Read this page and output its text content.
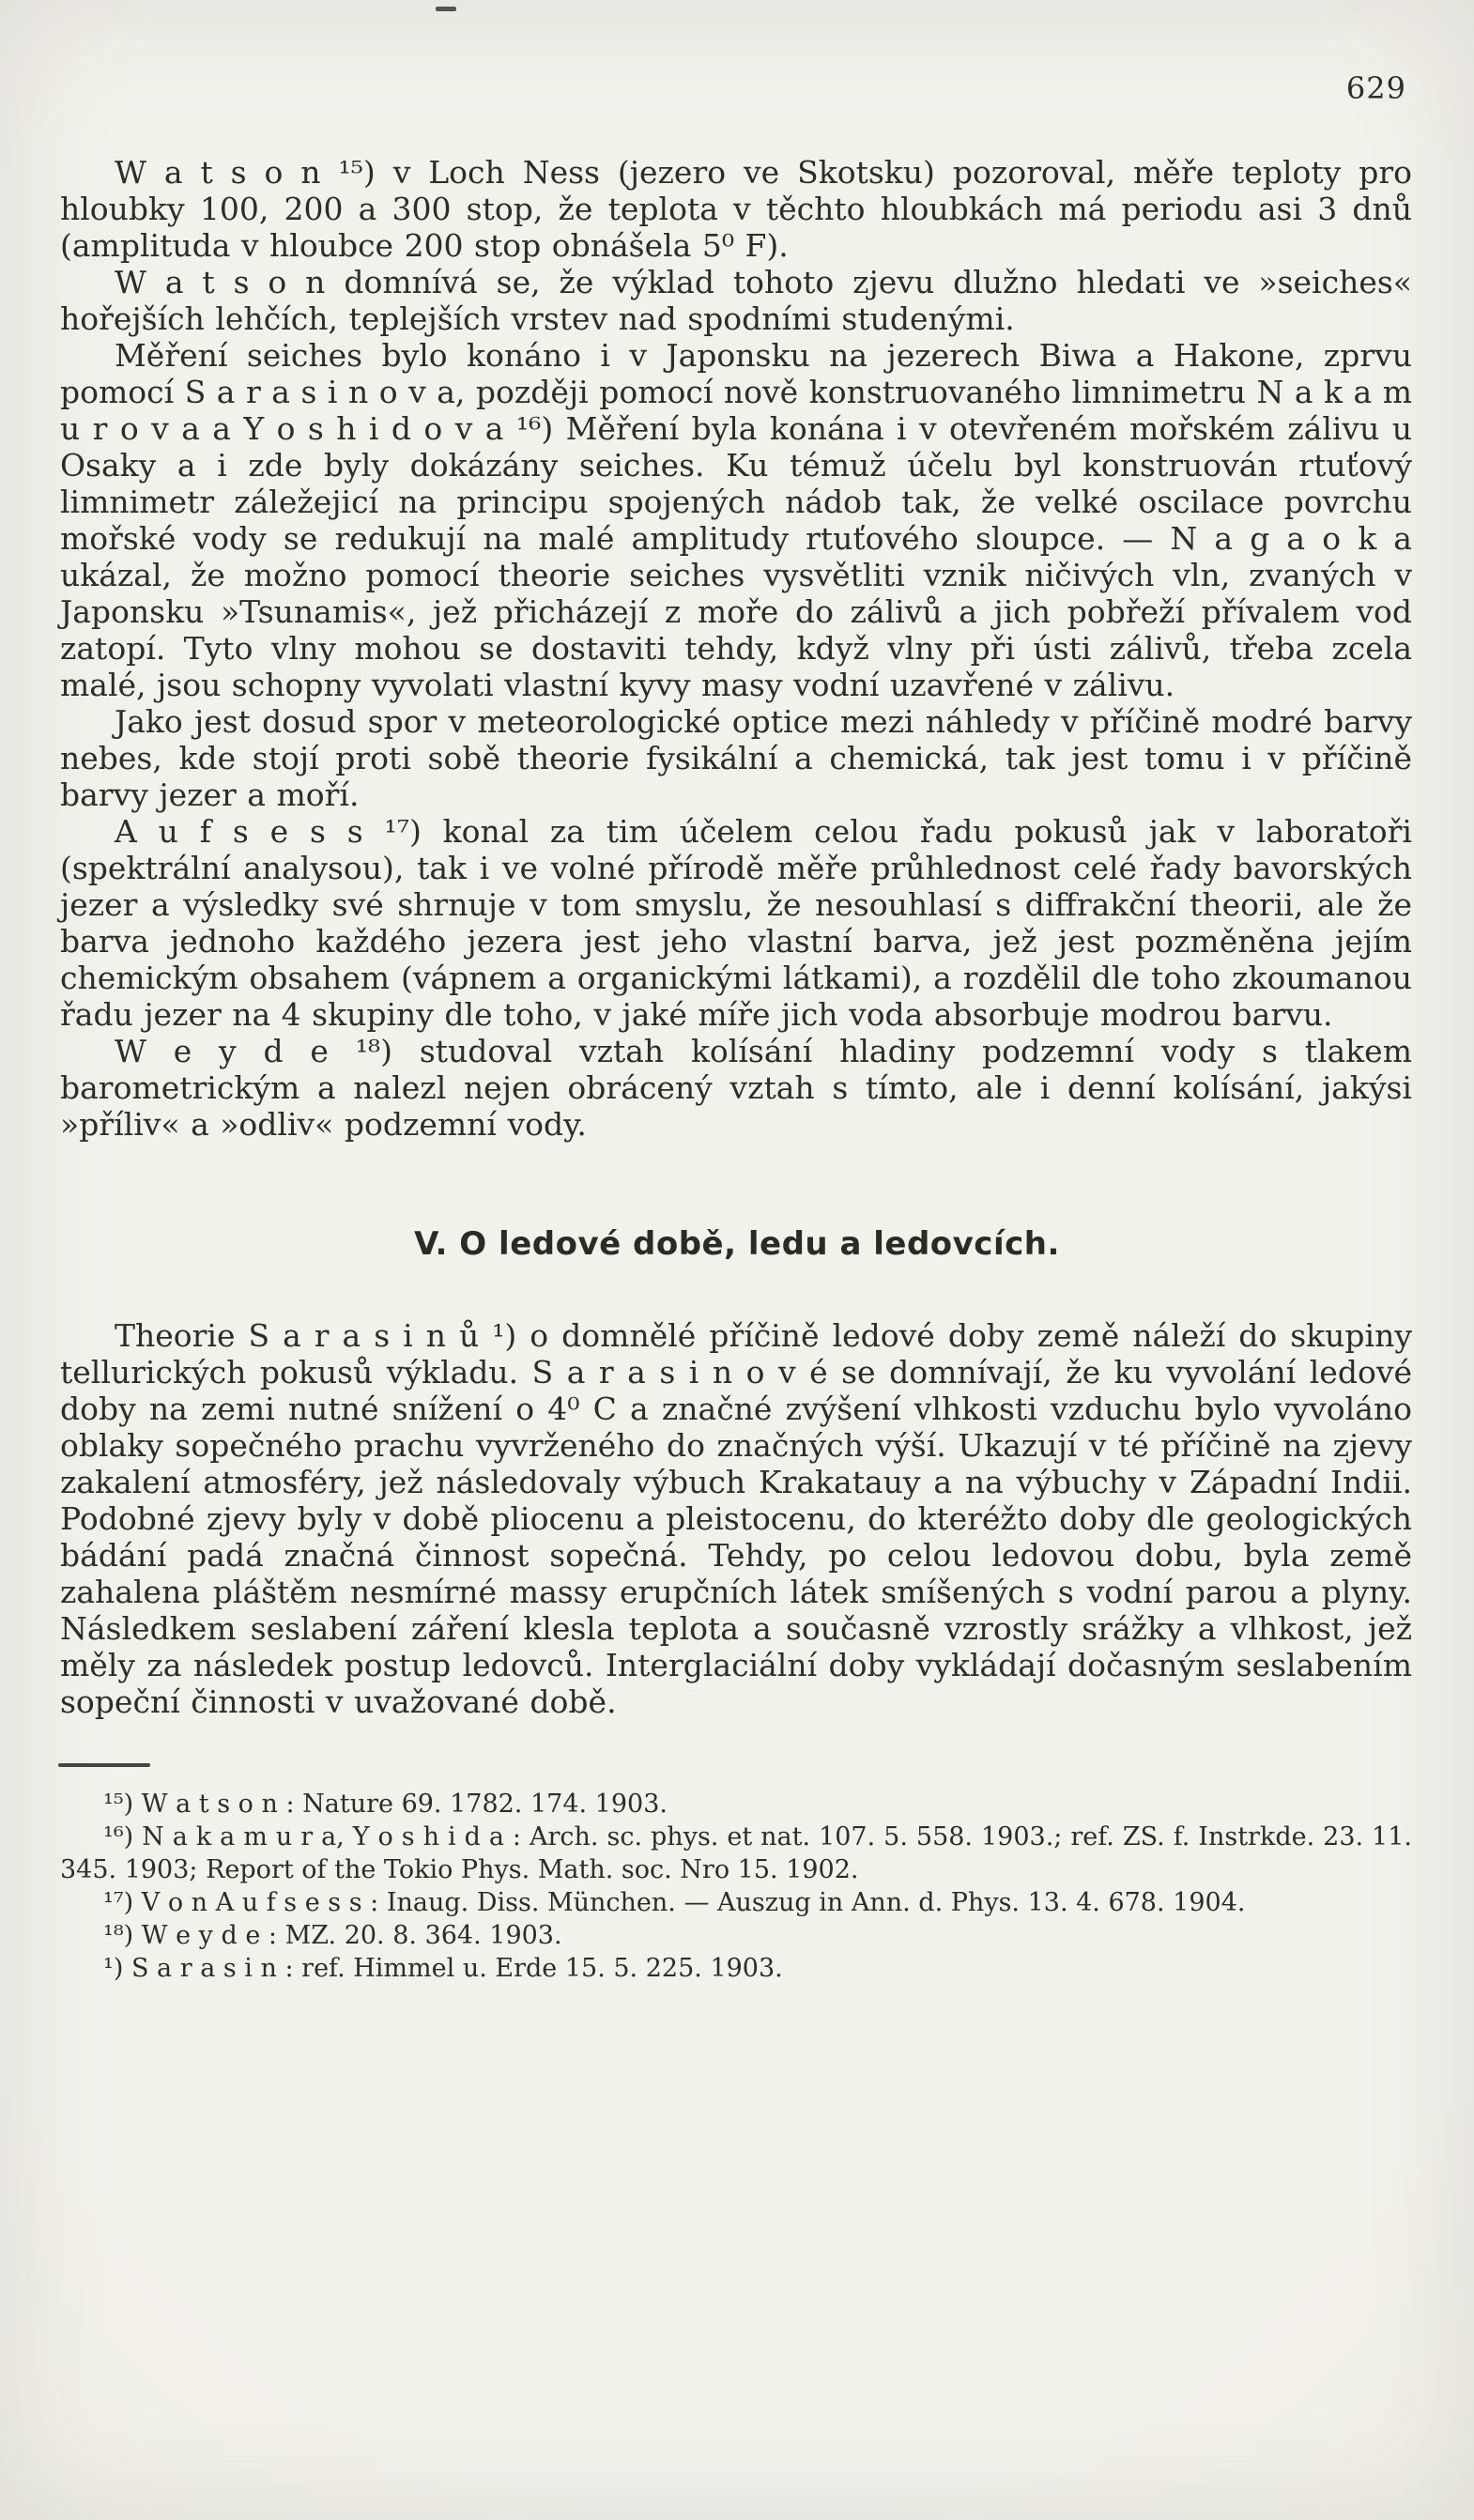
629

W a t s o n ¹⁵) v Loch Ness (jezero ve Skotsku) pozoroval, měře teploty pro hloubky 100, 200 a 300 stop, že teplota v těchto hloubkách má periodu asi 3 dnů (amplituda v hloubce 200 stop obnášela 5⁰ F).

W a t s o n domnívá se, že výklad tohoto zjevu dlužno hledati ve »seiches« hořejších lehčích, teplejších vrstev nad spodními studenými.

Měření seiches bylo konáno i v Japonsku na jezerech Biwa a Hakone, zprvu pomocí S a r a s i n o v a, později pomocí nově konstruovaného limnimetru N a k a m u r o v a a Y o s h i d o v a ¹⁶) Měření byla konána i v otevřeném mořském zálivu u Osaky a i zde byly dokázány seiches. Ku témuž účelu byl konstruován rtuťový limnimetr záležejicí na principu spojených nádob tak, že velké oscilace povrchu mořské vody se redukují na malé amplitudy rtuťového sloupce. — N a g a o k a ukázal, že možno pomocí theorie seiches vysvětliti vznik ničivých vln, zvaných v Japonsku »Tsunamis«, jež přicházejí z moře do zálivů a jich pobřeží přívalem vod zatopí. Tyto vlny mohou se dostaviti tehdy, když vlny při ústi zálivů, třeba zcela malé, jsou schopny vyvolati vlastní kyvy masy vodní uzavřené v zálivu.

Jako jest dosud spor v meteorologické optice mezi náhledy v příčině modré barvy nebes, kde stojí proti sobě theorie fysikální a chemická, tak jest tomu i v příčině barvy jezer a moří.

A u f s e s s ¹⁷) konal za tim účelem celou řadu pokusů jak v laboratoři (spektrální analysou), tak i ve volné přírodě měře průhlednost celé řady bavorských jezer a výsledky své shrnuje v tom smyslu, že nesouhlasí s diffrakční theorii, ale že barva jednoho každého jezera jest jeho vlastní barva, jež jest pozměněna jejím chemickým obsahem (vápnem a organickými látkami), a rozdělil dle toho zkoumanou řadu jezer na 4 skupiny dle toho, v jaké míře jich voda absorbuje modrou barvu.

W e y d e ¹⁸) studoval vztah kolísání hladiny podzemní vody s tlakem barometrickým a nalezl nejen obrácený vztah s tímto, ale i denní kolísání, jakýsi »příliv« a »odliv« podzemní vody.

V. O ledové době, ledu a ledovcích.

Theorie S a r a s i n ů ¹) o domnělé příčině ledové doby země náleží do skupiny tellurických pokusů výkladu. S a r a s i n o v é se domnívají, že ku vyvolání ledové doby na zemi nutné snížení o 4⁰ C a značné zvýšení vlhkosti vzduchu bylo vyvoláno oblaky sopečného prachu vyvrženého do značných výší. Ukazují v té příčině na zjevy zakalení atmosféry, jež následovaly výbuch Krakatauy a na výbuchy v Západní Indii. Podobné zjevy byly v době pliocenu a pleistocenu, do kteréžto doby dle geologických bádání padá značná činnost sopečná. Tehdy, po celou ledovou dobu, byla země zahalena pláštěm nesmírné massy erupčních látek smíšených s vodní parou a plyny. Následkem seslabení záření klesla teplota a současně vzrostly srážky a vlhkost, jež měly za následek postup ledovců. Interglaciální doby vykládají dočasným seslabením sopeční činnosti v uvažované době.

¹⁵) W a t s o n : Nature 69. 1782. 174. 1903.

¹⁶) N a k a m u r a, Y o s h i d a : Arch. sc. phys. et nat. 107. 5. 558. 1903.; ref. ZS. f. Instrkde. 23. 11. 345. 1903; Report of the Tokio Phys. Math. soc. Nro 15. 1902.

¹⁷) V o n A u f s e s s : Inaug. Diss. München. — Auszug in Ann. d. Phys. 13. 4. 678. 1904.

¹⁸) W e y d e : MZ. 20. 8. 364. 1903.

¹) S a r a s i n : ref. Himmel u. Erde 15. 5. 225. 1903.
